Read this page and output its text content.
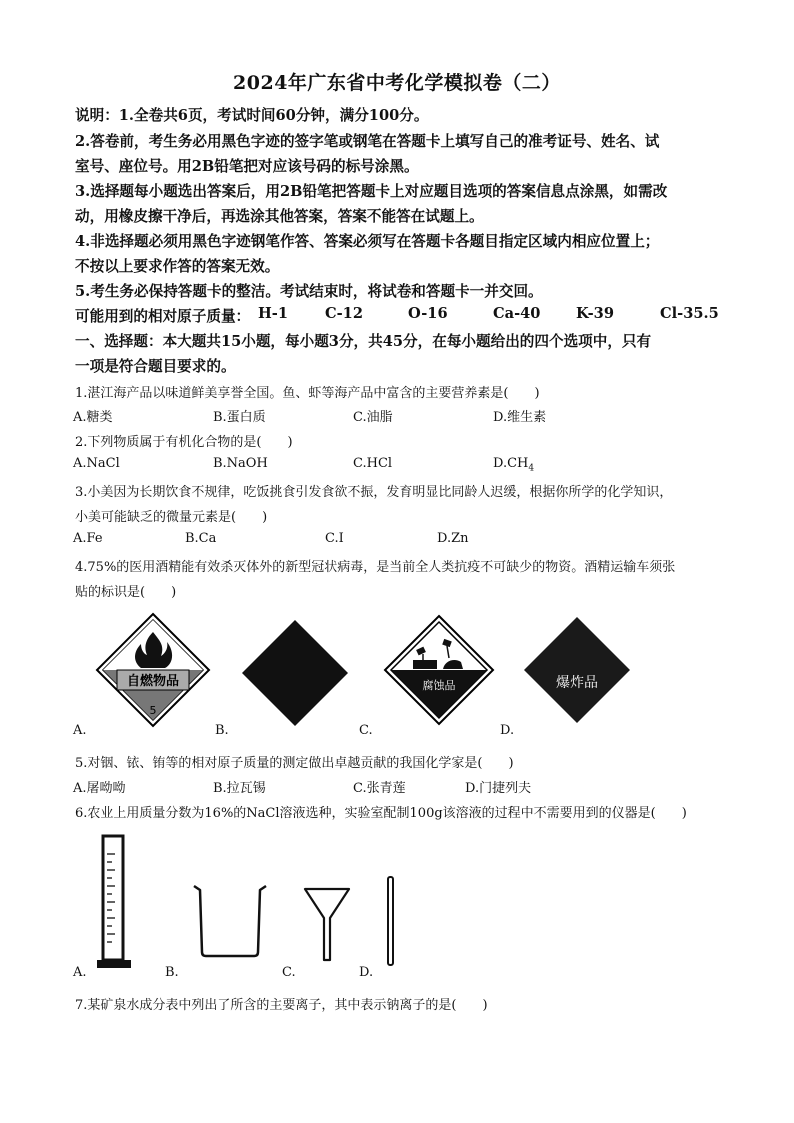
2024年广东省中考化学模拟卷（二）
说明：1.全卷共6页，考试时间60分钟，满分100分。
2.答卷前，考生务必用黑色字迹的签字笔或钢笔在答题卡上填写自己的准考证号、姓名、试
室号、座位号。用2B铅笔把对应该号码的标号涂黑。
3.选择题每小题选出答案后，用2B铅笔把答题卡上对应题目选项的答案信息点涂黑，如需改
动，用橡皮擦干净后，再选涂其他答案，答案不能答在试题上。
4.非选择题必须用黑色字迹钢笔作答、答案必须写在答题卡各题目指定区域内相应位置上；
不按以上要求作答的答案无效。
5.考生务必保持答题卡的整洁。考试结束时，将试卷和答题卡一并交回。
可能用到的相对原子质量： H-1	C-12	O-16	Ca-40 K-39	Cl-35.5
一、选择题：本大题共15小题，每小题3分，共45分，在每小题给出的四个选项中，只有
一项是符合题目要求的。
1.湛江海产品以味道鲜美享誉全国。鱼、虾等海产品中富含的主要营养素是(　　)
A.糖类	B.蛋白质	C.油脂	D.维生素
2.下列物质属于有机化合物的是(　　)
A.NaCl	B.NaOH	C.HCl	$D.CH_4$
3.小美因为长期饮食不规律，吃饭挑食引发食欲不振，发育明显比同龄人迟缓，根据你所学的化学知识，
小美可能缺乏的微量元素是(　　)
A.Fe	B.Ca	C.I	D.Zn
4.75%的医用酒精能有效杀灭体外的新型冠状病毒，是当前全人类抗疫不可缺少的物资。酒精运输车须张
贴的标识是(　　)
自燃物品
5
腐蚀品	爆炸品
A.	B.	C.	D.
5.对铟、铱、铕等的相对原子质量的测定做出卓越贡献的我国化学家是(　　)
A.屠呦呦	B.拉瓦锡	C.张青莲	D.门捷列夫
6.农业上用质量分数为16%的NaCl溶液选种，实验室配制100g该溶液的过程中不需要用到的仪器是(　　)
A.	B.	C.	D.
7.某矿泉水成分表中列出了所含的主要离子，其中表示钠离子的是(　　)
